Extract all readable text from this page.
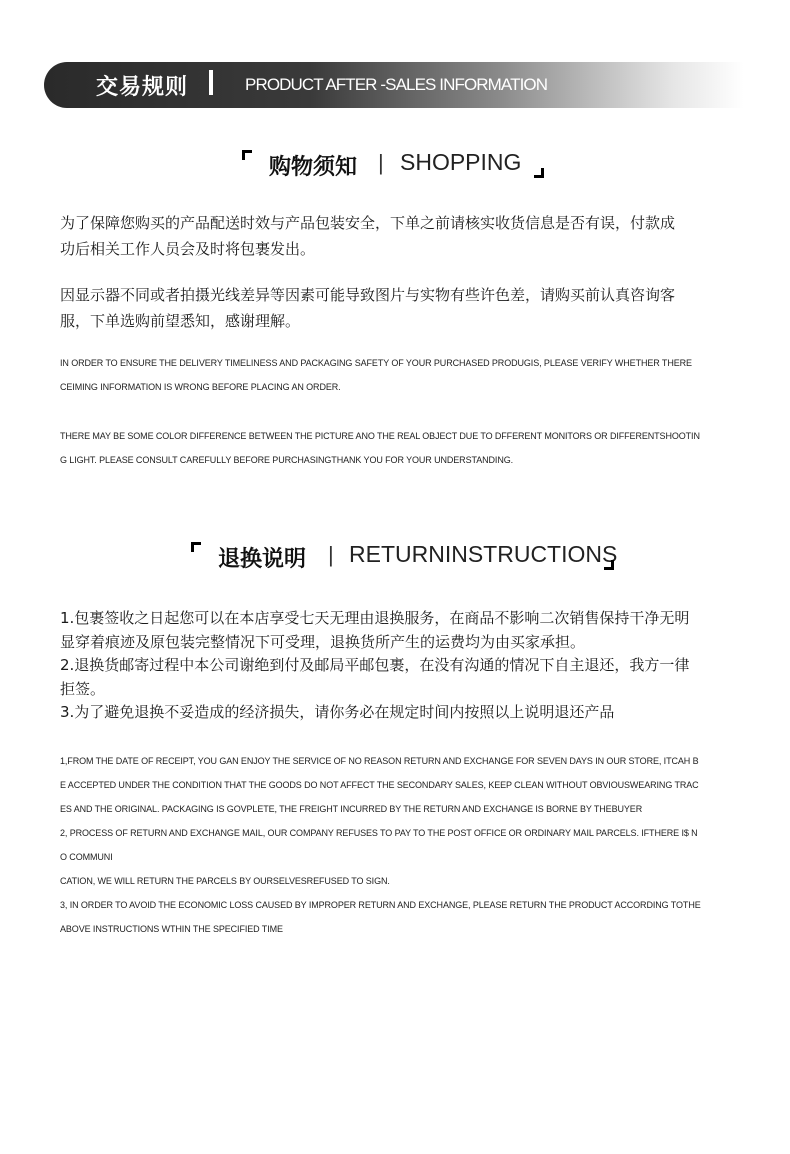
交易规则	PRODUCT AFTER -SALES INFORMATION
购物须知 | SHOPPING

为了保障您购买的产品配送时效与产品包装安全，下单之前请核实收货信息是否有误，付款成

功后相关工作人员会及时将包裹发出。

因显示器不同或者拍摄光线差异等因素可能导致图片与实物有些许色差，请购买前认真咨询客

服，下单选购前望悉知，感谢理解。

IN ORDER TO ENSURE THE DELIVERY TIMELINESS AND PACKAGING SAFETY OF YOUR PURCHASED PRODUGIS, PLEASE VERIFY WHETHER THERE

CEIMING INFORMATION IS WRONG BEFORE PLACING AN ORDER.

THERE MAY BE SOME COLOR DIFFERENCE BETWEEN THE PICTURE ANO THE REAL OBJECT DUE TO DFFERENT MONITORS OR DIFFERENTSHOOTIN

G LIGHT. PLEASE CONSULT CAREFULLY BEFORE PURCHASINGTHANK YOU FOR YOUR UNDERSTANDING.

退换说明 | RETURNINSTRUCTIONS

1.包裹签收之日起您可以在本店享受七天无理由退换服务，在商品不影响二次销售保持干净无明

显穿着痕迹及原包装完整情况下可受理，退换货所产生的运费均为由买家承担。

2.退换货邮寄过程中本公司谢绝到付及邮局平邮包裹，在没有沟通的情况下自主退还，我方一律

拒签。

3.为了避免退换不妥造成的经济损失，请你务必在规定时间内按照以上说明退还产品

1,FROM THE DATE OF RECEIPT, YOU GAN ENJOY THE SERVICE OF NO REASON RETURN AND EXCHANGE FOR SEVEN DAYS IN OUR STORE, ITCAH B

E ACCEPTED UNDER THE CONDITION THAT THE GOODS DO NOT AFFECT THE SECONDARY SALES, KEEP CLEAN WITHOUT OBVIOUSWEARING TRAC

ES AND THE ORIGINAL. PACKAGING IS GOVPLETE, THE FREIGHT INCURRED BY THE RETURN AND EXCHANGE IS BORNE BY THEBUYER

2, PROCESS OF RETURN AND EXCHANGE MAIL, OUR COMPANY REFUSES TO PAY TO THE POST OFFICE OR ORDINARY MAIL PARCELS. IFTHERE I$ N

O COMMUNI

CATION, WE WILL RETURN THE PARCELS BY OURSELVESREFUSED TO SIGN.

3, IN ORDER TO AVOID THE ECONOMIC LOSS CAUSED BY IMPROPER RETURN AND EXCHANGE, PLEASE RETURN THE PRODUCT ACCORDING TOTHE

ABOVE INSTRUCTIONS WTHIN THE SPECIFIED TIME
